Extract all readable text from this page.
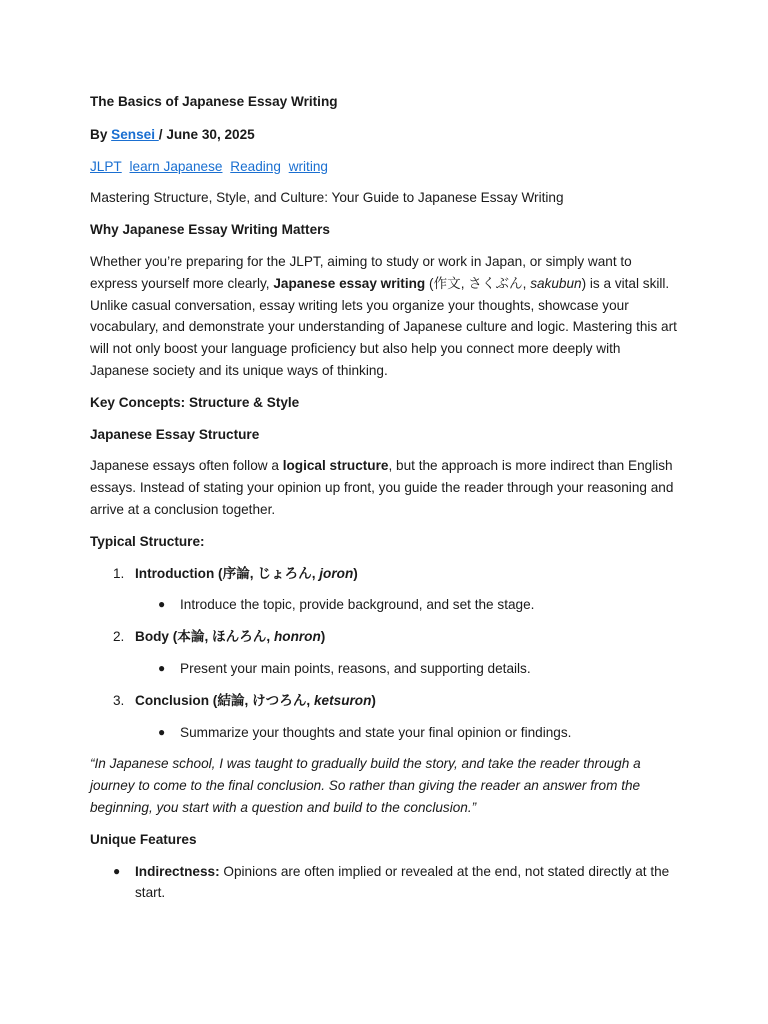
The Basics of Japanese Essay Writing
By Sensei / June 30, 2025
JLPT learn Japanese Reading writing

Mastering Structure, Style, and Culture: Your Guide to Japanese Essay Writing

Why Japanese Essay Writing Matters

Whether you’re preparing for the JLPT, aiming to study or work in Japan, or simply want to express yourself more clearly, Japanese essay writing (作文, さくぶん, sakubun) is a vital skill. Unlike casual conversation, essay writing lets you organize your thoughts, showcase your vocabulary, and demonstrate your understanding of Japanese culture and logic. Mastering this art will not only boost your language proficiency but also help you connect more deeply with Japanese society and its unique ways of thinking.

Key Concepts: Structure & Style
Japanese Essay Structure

Japanese essays often follow a logical structure, but the approach is more indirect than English essays. Instead of stating your opinion up front, you guide the reader through your reasoning and arrive at a conclusion together.

Typical Structure:
1. Introduction (序論, じょろん, joron)
● Introduce the topic, provide background, and set the stage.
2. Body (本論, ほんろん, honron)
● Present your main points, reasons, and supporting details.
3. Conclusion (結論, けつろん, ketsuron)
● Summarize your thoughts and state your final opinion or findings.

“In Japanese school, I was taught to gradually build the story, and take the reader through a journey to come to the final conclusion. So rather than giving the reader an answer from the beginning, you start with a question and build to the conclusion.”

Unique Features
● Indirectness: Opinions are often implied or revealed at the end, not stated directly at the start.
